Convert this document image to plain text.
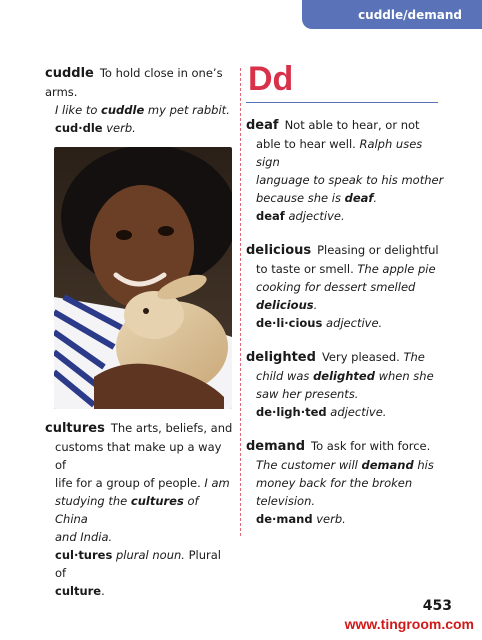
cuddle/demand
cuddle To hold close in one’s arms.
I like to cuddle my pet rabbit.
cud·dle verb.
cultures The arts, beliefs, and
customs that make up a way of
life for a group of people. I am
studying the cultures of China
and India.
cul·tures plural noun. Plural of
culture.
Dd
deaf Not able to hear, or not
able to hear well. Ralph uses sign
language to speak to his mother
because she is deaf.
deaf adjective.
delicious Pleasing or delightful
to taste or smell. The apple pie
cooking for dessert smelled
delicious.
de·li·cious adjective.
delighted Very pleased. The
child was delighted when she
saw her presents.
de·ligh·ted adjective.
demand To ask for with force.
The customer will demand his
money back for the broken
television.
de·mand verb.
453
www.tingroom.com
